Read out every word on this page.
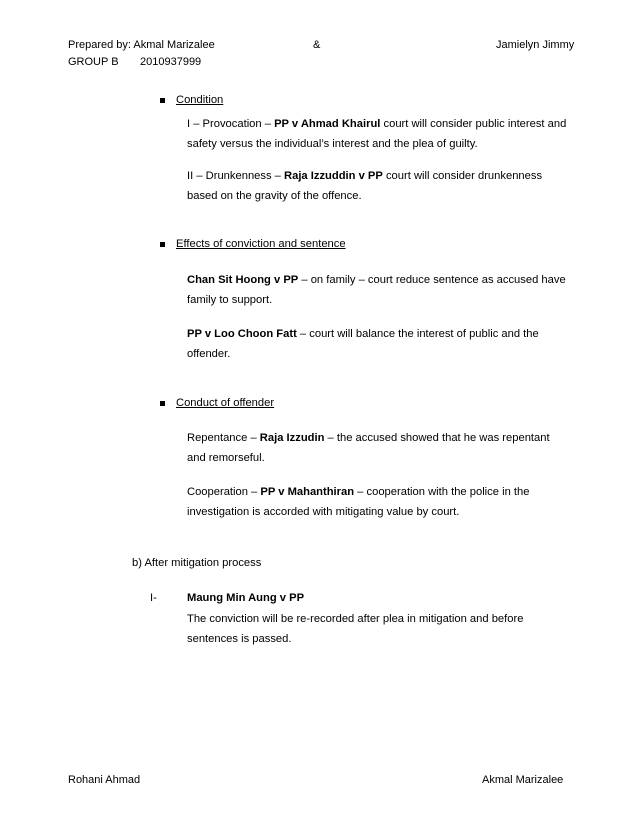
Prepared by: Akmal Marizalee	&	Jamielyn Jimmy
GROUP B 2010937999
Condition
I – Provocation – PP v Ahmad Khairul court will consider public interest and safety versus the individual’s interest and the plea of guilty.
II – Drunkenness – Raja Izzuddin v PP court will consider drunkenness based on the gravity of the offence.
Effects of conviction and sentence
Chan Sit Hoong v PP – on family – court reduce sentence as accused have family to support.
PP v Loo Choon Fatt – court will balance the interest of public and the offender.
Conduct of offender
Repentance – Raja Izzudin – the accused showed that he was repentant and remorseful.
Cooperation – PP v Mahanthiran – cooperation with the police in the investigation is accorded with mitigating value by court.
b) After mitigation process
I-	Maung Min Aung v PP
The conviction will be re-recorded after plea in mitigation and before sentences is passed.
Rohani Ahmad	Akmal Marizalee
